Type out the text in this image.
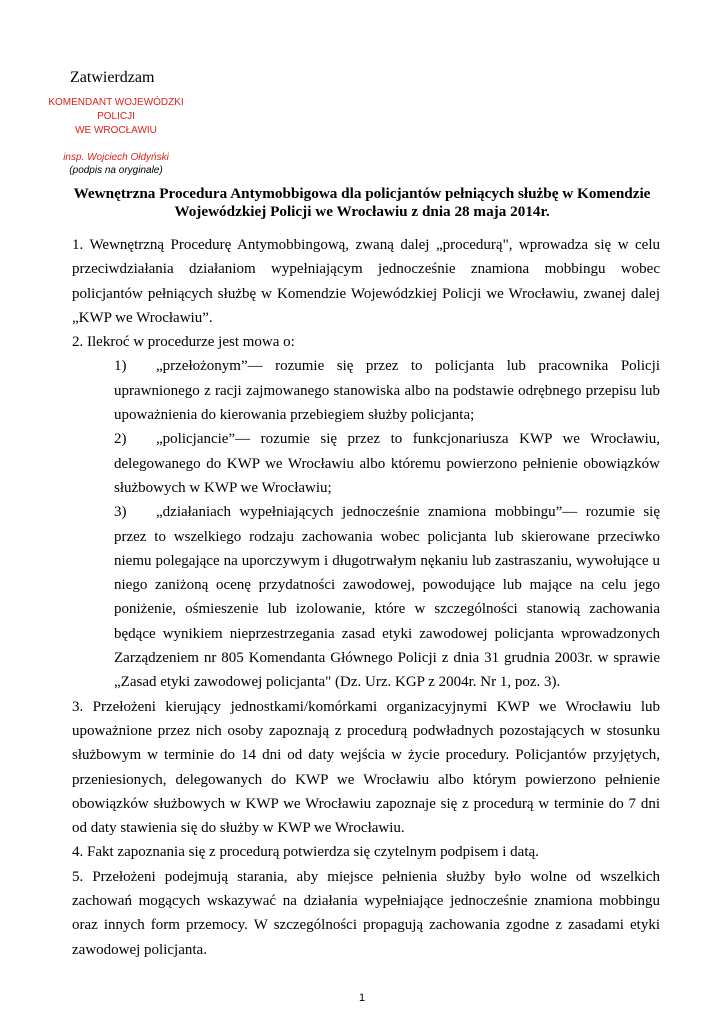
Zatwierdzam
KOMENDANT WOJEWÓDZKI
POLICJI
WE WROCŁAWIU
insp. Wojciech Ołdyński
(podpis na oryginale)
Wewnętrzna Procedura Antymobbigowa dla policjantów pełniących służbę w Komendzie Wojewódzkiej Policji we Wrocławiu z dnia 28 maja 2014r.

1. Wewnętrzną Procedurę Antymobbingową, zwaną dalej „procedurą", wprowadza się w celu przeciwdziałania działaniom wypełniającym jednocześnie znamiona mobbingu wobec policjantów pełniących służbę w Komendzie Wojewódzkiej Policji we Wrocławiu, zwanej dalej „KWP we Wrocławiu”.

2. Ilekroć w procedurze jest mowa o:

1) „przełożonym”— rozumie się przez to policjanta lub pracownika Policji uprawnionego z racji zajmowanego stanowiska albo na podstawie odrębnego przepisu lub upoważnienia do kierowania przebiegiem służby policjanta;

2) „policjancie”— rozumie się przez to funkcjonariusza KWP we Wrocławiu, delegowanego do KWP we Wrocławiu albo któremu powierzono pełnienie obowiązków służbowych w KWP we Wrocławiu;

3) „działaniach wypełniających jednocześnie znamiona mobbingu”— rozumie się przez to wszelkiego rodzaju zachowania wobec policjanta lub skierowane przeciwko niemu polegające na uporczywym i długotrwałym nękaniu lub zastraszaniu, wywołujące u niego zaniżoną ocenę przydatności zawodowej, powodujące lub mające na celu jego poniżenie, ośmieszenie lub izolowanie, które w szczególności stanowią zachowania będące wynikiem nieprzestrzegania zasad etyki zawodowej policjanta wprowadzonych Zarządzeniem nr 805 Komendanta Głównego Policji z dnia 31 grudnia 2003r. w sprawie „Zasad etyki zawodowej policjanta" (Dz. Urz. KGP z 2004r. Nr 1, poz. 3).

3. Przełożeni kierujący jednostkami/komórkami organizacyjnymi KWP we Wrocławiu lub upoważnione przez nich osoby zapoznają z procedurą podwładnych pozostających w stosunku służbowym w terminie do 14 dni od daty wejścia w życie procedury. Policjantów przyjętych, przeniesionych, delegowanych do KWP we Wrocławiu albo którym powierzono pełnienie obowiązków służbowych w KWP we Wrocławiu zapoznaje się z procedurą w terminie do 7 dni od daty stawienia się do służby w KWP we Wrocławiu.

4. Fakt zapoznania się z procedurą potwierdza się czytelnym podpisem i datą.

5. Przełożeni podejmują starania, aby miejsce pełnienia służby było wolne od wszelkich zachowań mogących wskazywać na działania wypełniające jednocześnie znamiona mobbingu oraz innych form przemocy. W szczególności propagują zachowania zgodne z zasadami etyki zawodowej policjanta.

1
